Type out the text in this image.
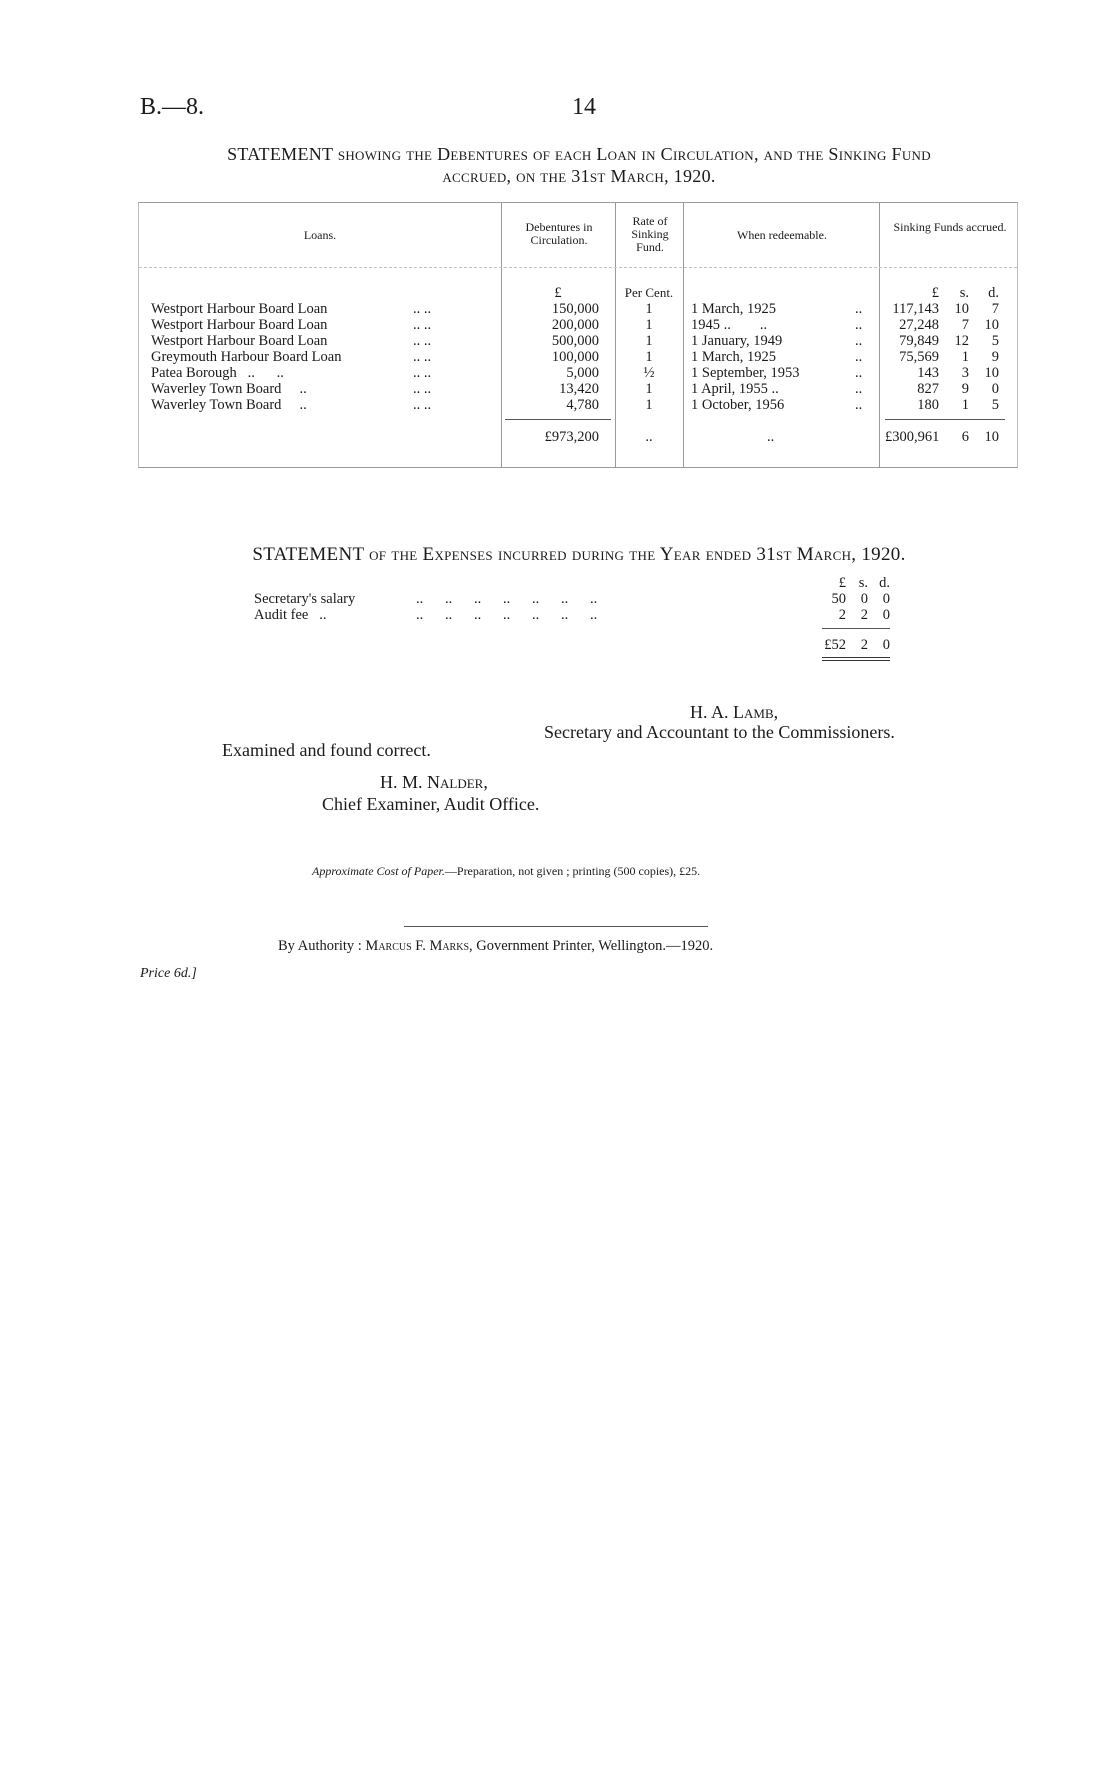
B.—8.	14
STATEMENT showing the Debentures of each Loan in Circulation, and the Sinking Fund
accrued, on the 31st March, 1920.
Loans.
Debentures in Circulation.
Rate of Sinking Fund.
When redeemable.
Sinking Funds accrued.
£	Per Cent.	£	s.	d.
Westport Harbour Board Loan	.. ..	150,000	1	1 March, 1925	..	117,143	10	7
Westport Harbour Board Loan	.. ..	200,000	1	1945 ..        ..	..	27,248	7	10
Westport Harbour Board Loan	.. ..	500,000	1	1 January, 1949	..	79,849	12	5
Greymouth Harbour Board Loan	.. ..	100,000	1	1 March, 1925	..	75,569	1	9
Patea Borough   ..      ..	.. ..	5,000	½	1 September, 1953	..	143	3	10
Waverley Town Board     ..	.. ..	13,420	1	1 April, 1955 ..	..	827	9	0
Waverley Town Board     ..	.. ..	4,780	1	1 October, 1956	..	180	1	5
£973,200	..	..	£300,961	6	10
STATEMENT of the Expenses incurred during the Year ended 31st March, 1920.
£ s. d.
Secretary's salary	..      ..      ..      ..      ..      ..      ..	50	0	0
Audit fee   ..	..      ..      ..      ..      ..      ..      ..	2	2	0
£52	2	0
H. A. Lamb,
Secretary and Accountant to the Commissioners.
Examined and found correct.
H. M. Nalder,
Chief Examiner, Audit Office.
Approximate Cost of Paper.—Preparation, not given ; printing (500 copies), £25.
By Authority : Marcus F. Marks, Government Printer, Wellington.—1920.
Price 6d.]
